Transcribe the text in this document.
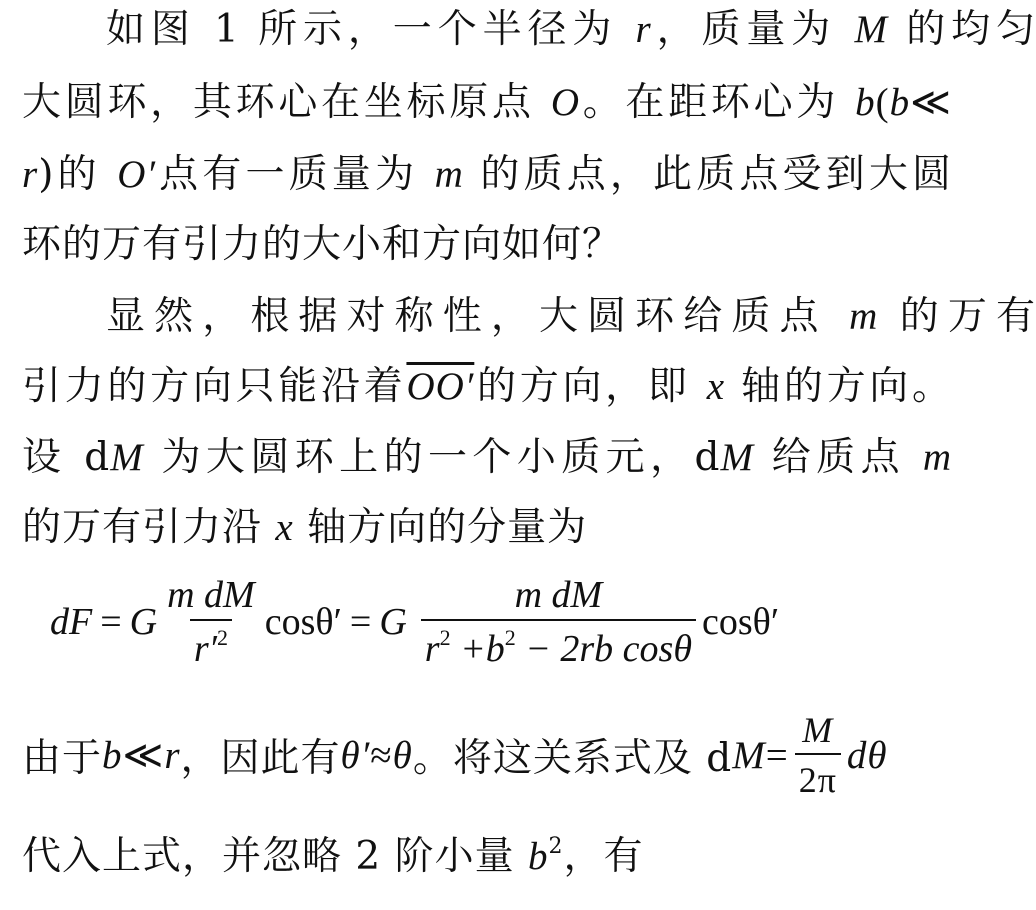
如图 1 所示，一个半径为 r，质量为 M 的均匀
大圆环，其环心在坐标原点 O。在距环心为 b(b≪
r)的 O′点有一质量为 m 的质点，此质点受到大圆
环的万有引力的大小和方向如何？
显然，根据对称性，大圆环给质点 m 的万有
引力的方向只能沿着OO′的方向，即 x 轴的方向。
设 dM 为大圆环上的一个小质元，dM 给质点 m
的万有引力沿 x 轴方向的分量为
dF = G $\frac{\text{m dM}}{r'^2} \cos\theta' = G \frac{\text{m dM}}{r^2 +b^2 - 2rb \cos\theta} \cos\theta'$
由于 b ≪ r ，因此有 θ′ ≈ θ 。将这关系式及 d $M = \frac{M}{2\pi}$ dθ
代入上式，并忽略 2 阶小量 $b^2$，有
